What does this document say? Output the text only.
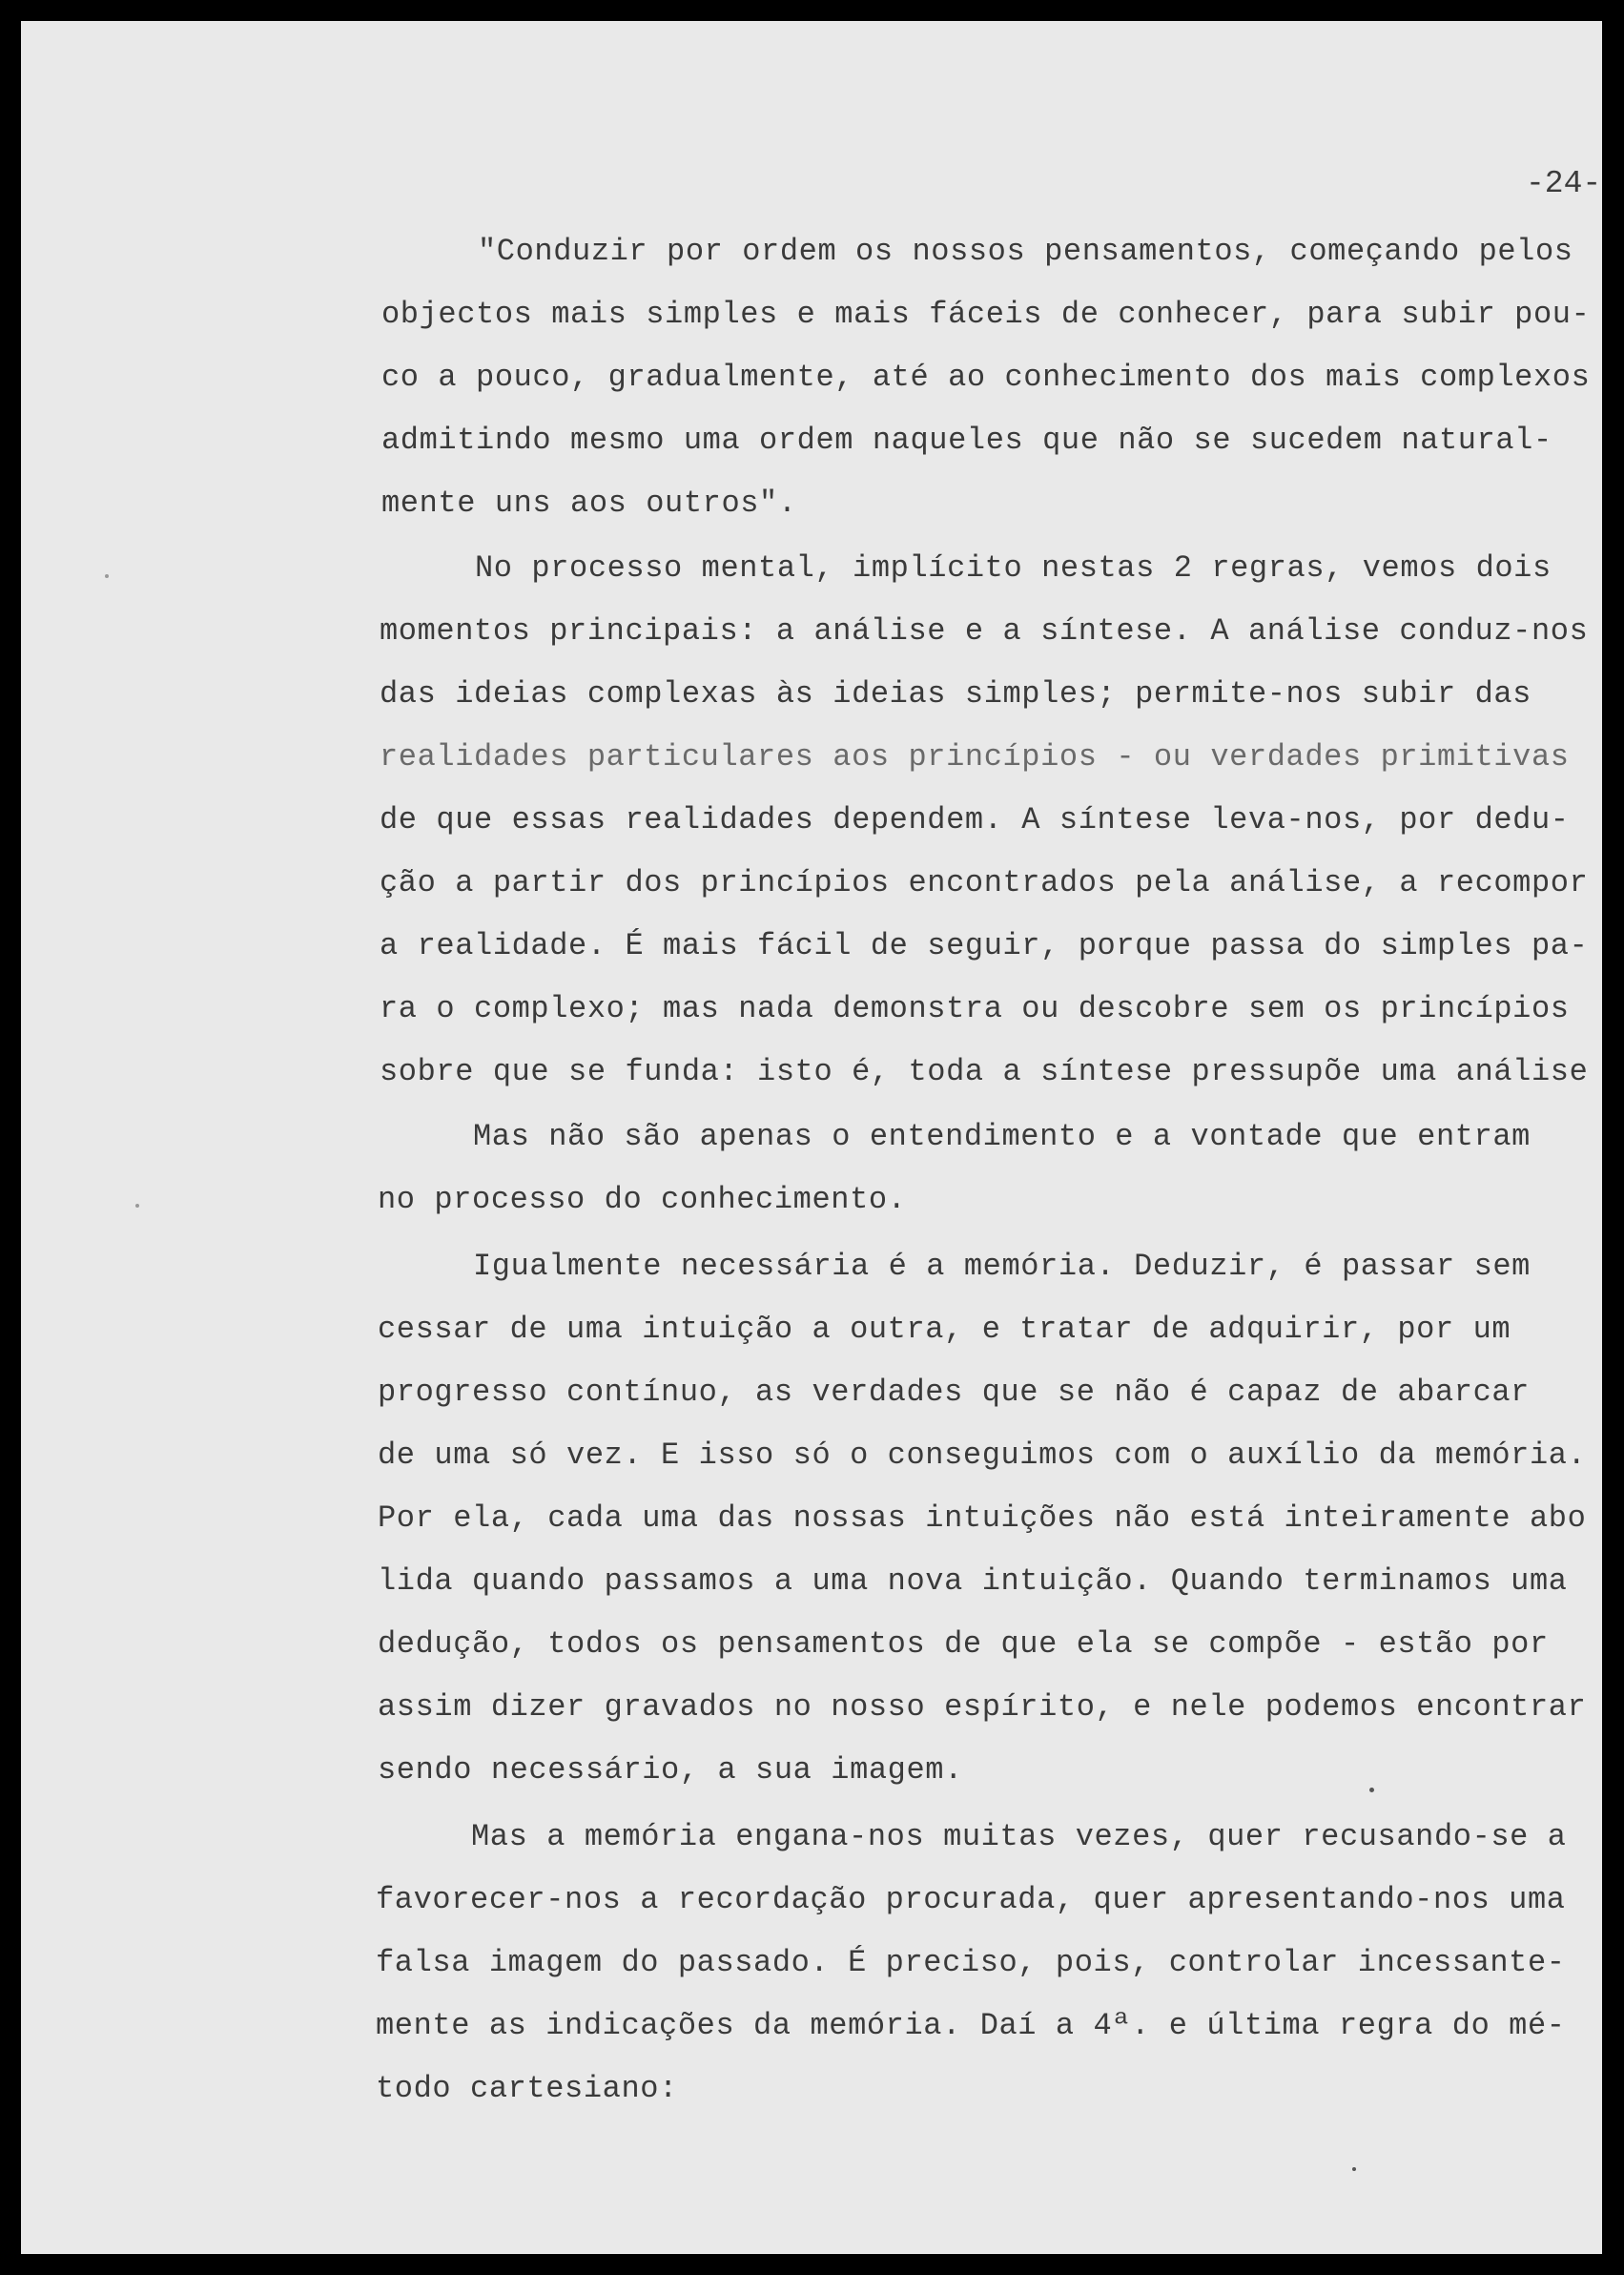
-24-
"Conduzir por ordem os nossos pensamentos, começando pelos
objectos mais simples e mais fáceis de conhecer, para subir pou-
co a pouco, gradualmente, até ao conhecimento dos mais complexos
admitindo mesmo uma ordem naqueles que não se sucedem natural-
mente uns aos outros".
No processo mental, implícito nestas 2 regras, vemos dois
momentos principais: a análise e a síntese. A análise conduz-nos
das ideias complexas às ideias simples; permite-nos subir das
realidades particulares aos princípios - ou verdades primitivas
de que essas realidades dependem. A síntese leva-nos, por dedu-
ção a partir dos princípios encontrados pela análise, a recompor
a realidade. É mais fácil de seguir, porque passa do simples pa-
ra o complexo; mas nada demonstra ou descobre sem os princípios
sobre que se funda: isto é, toda a síntese pressupõe uma análise
Mas não são apenas o entendimento e a vontade que entram
no processo do conhecimento.
Igualmente necessária é a memória. Deduzir, é passar sem
cessar de uma intuição a outra, e tratar de adquirir, por um
progresso contínuo, as verdades que se não é capaz de abarcar
de uma só vez. E isso só o conseguimos com o auxílio da memória.
Por ela, cada uma das nossas intuições não está inteiramente abo
lida quando passamos a uma nova intuição. Quando terminamos uma
dedução, todos os pensamentos de que ela se compõe - estão por
assim dizer gravados no nosso espírito, e nele podemos encontrar
sendo necessário, a sua imagem.
Mas a memória engana-nos muitas vezes, quer recusando-se a
favorecer-nos a recordação procurada, quer apresentando-nos uma
falsa imagem do passado. É preciso, pois, controlar incessante-
mente as indicações da memória. Daí a 4ª. e última regra do mé-
todo cartesiano:
